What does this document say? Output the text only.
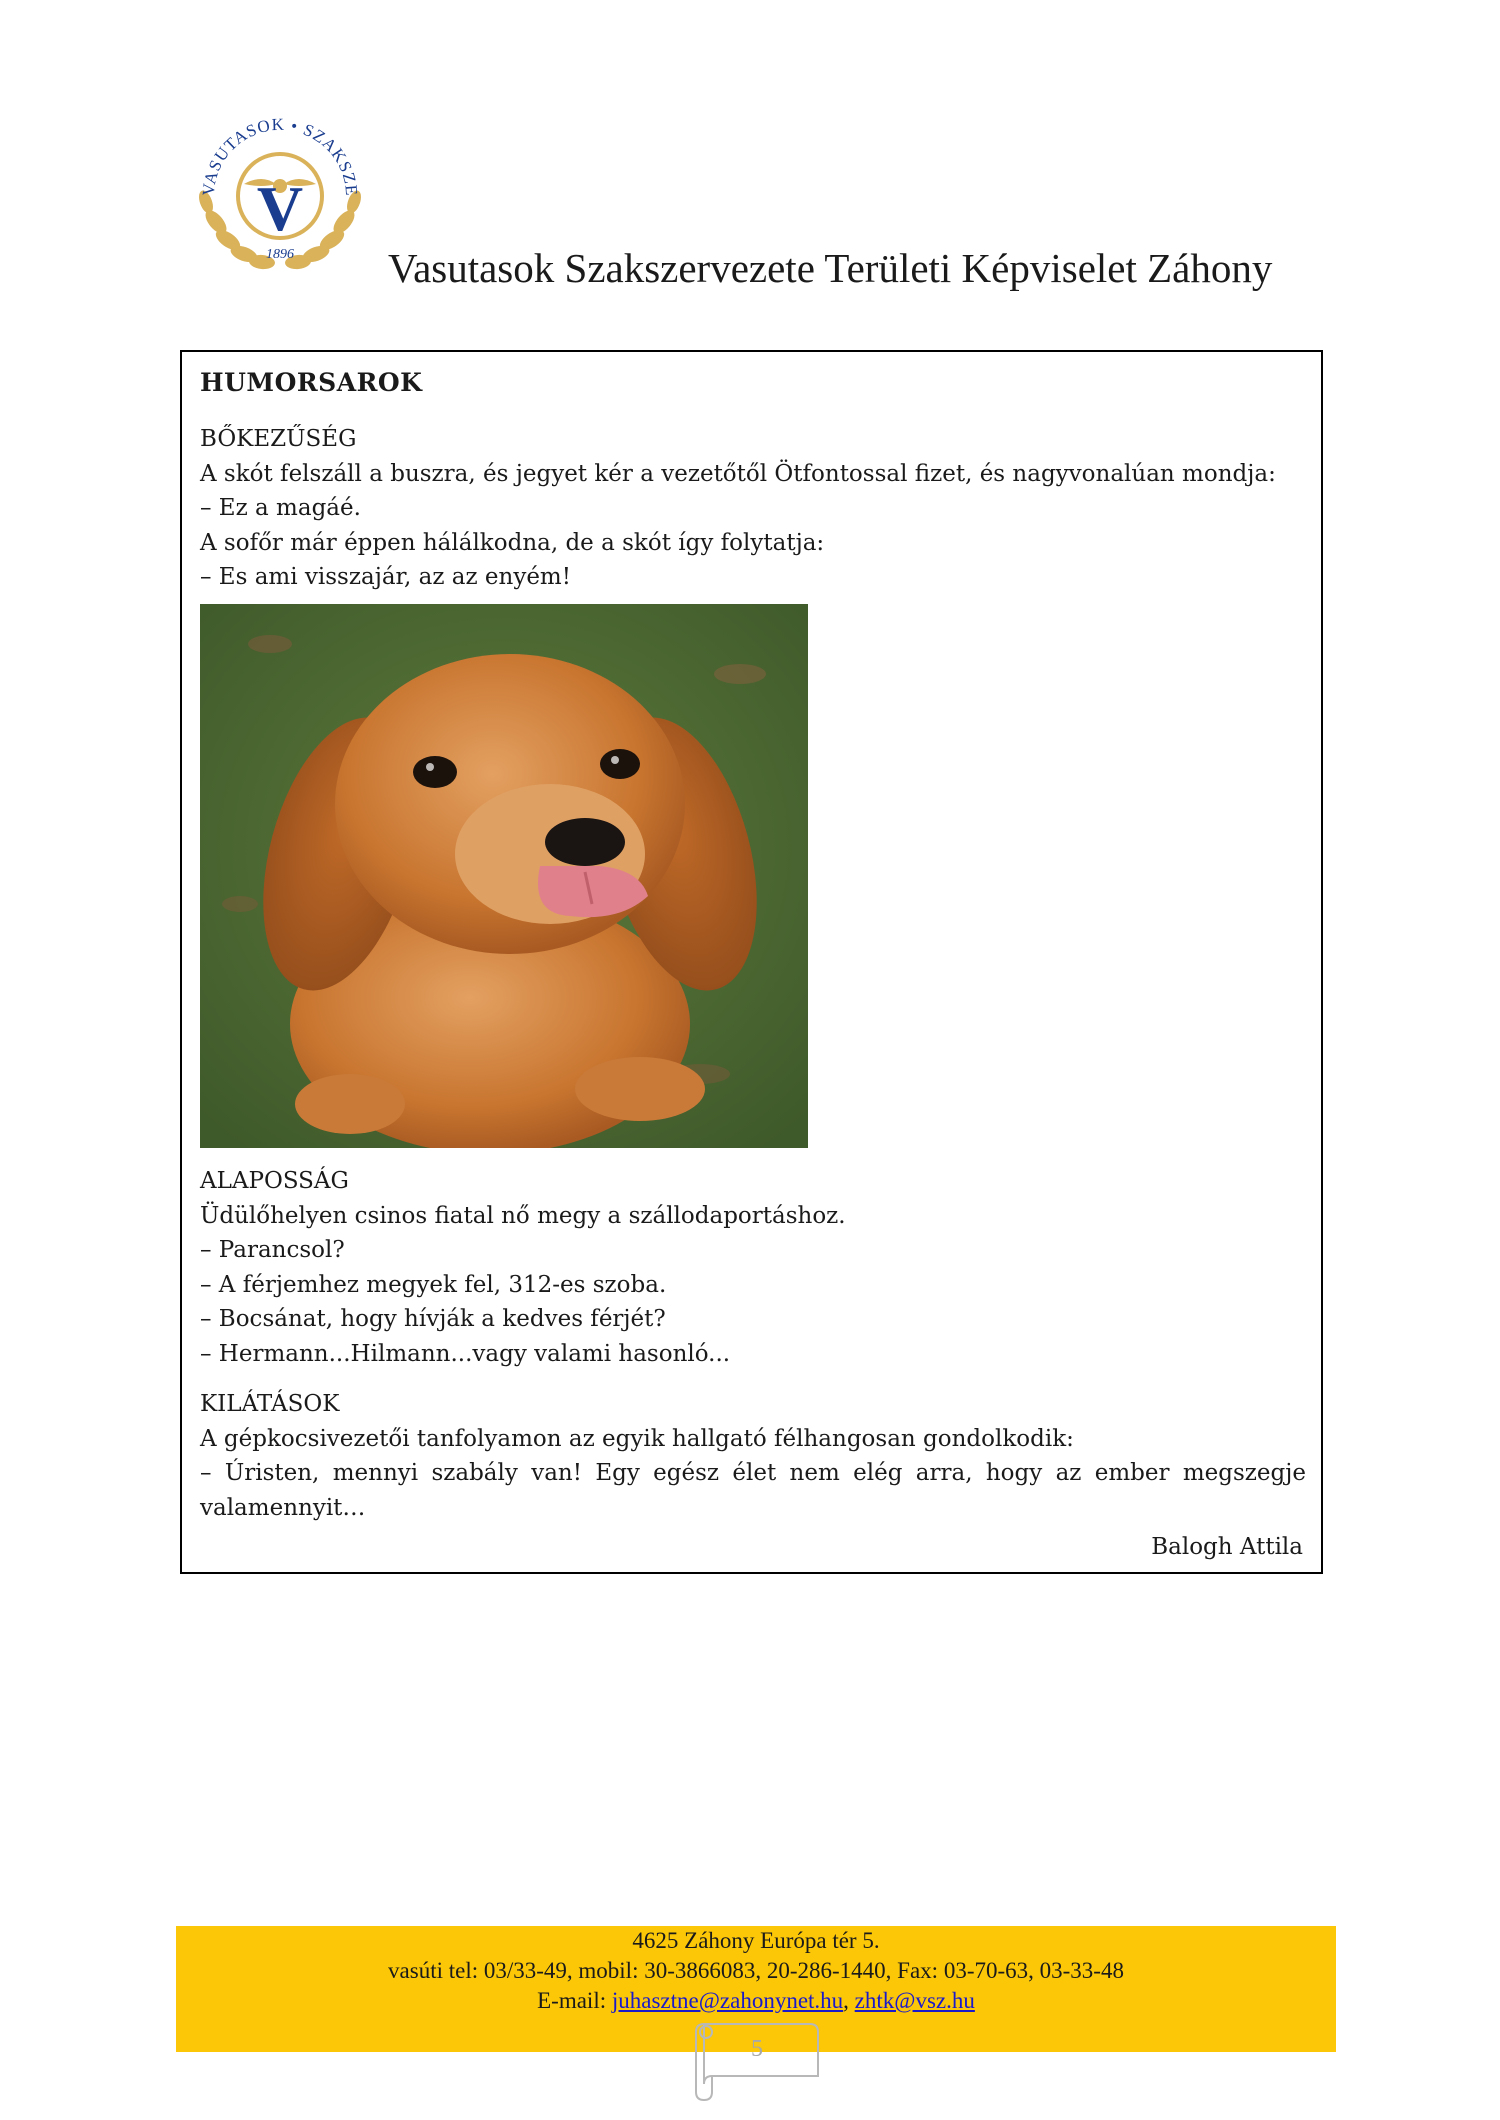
VASUTASOK • SZAKSZE
V
1896 Vasutasok Szakszervezete Területi Képviselet Záhony
HUMORSAROK
BŐKEZŰSÉG
A skót felszáll a buszra, és jegyet kér a vezetőtől Ötfontossal fizet, és nagyvonalúan mondja:
– Ez a magáé.
A sofőr már éppen hálálkodna, de a skót így folytatja:
– Es ami visszajár, az az enyém!
ALAPOSSÁG
Üdülőhelyen csinos fiatal nő megy a szállodaportáshoz.
– Parancsol?
– A férjemhez megyek fel, 312-es szoba.
– Bocsánat, hogy hívják a kedves férjét?
– Hermann...Hilmann...vagy valami hasonló...
KILÁTÁSOK
A gépkocsivezetői tanfolyamon az egyik hallgató félhangosan gondolkodik:
– Úristen, mennyi szabály van! Egy egész élet nem elég arra, hogy az ember megszegje
valamennyit…
Balogh Attila
4625 Záhony Európa tér 5.
vasúti tel: 03/33-49, mobil: 30-3866083, 20-286-1440, Fax: 03-70-63, 03-33-48
E-mail: juhasztne@zahonynet.hu, zhtk@vsz.hu
5
